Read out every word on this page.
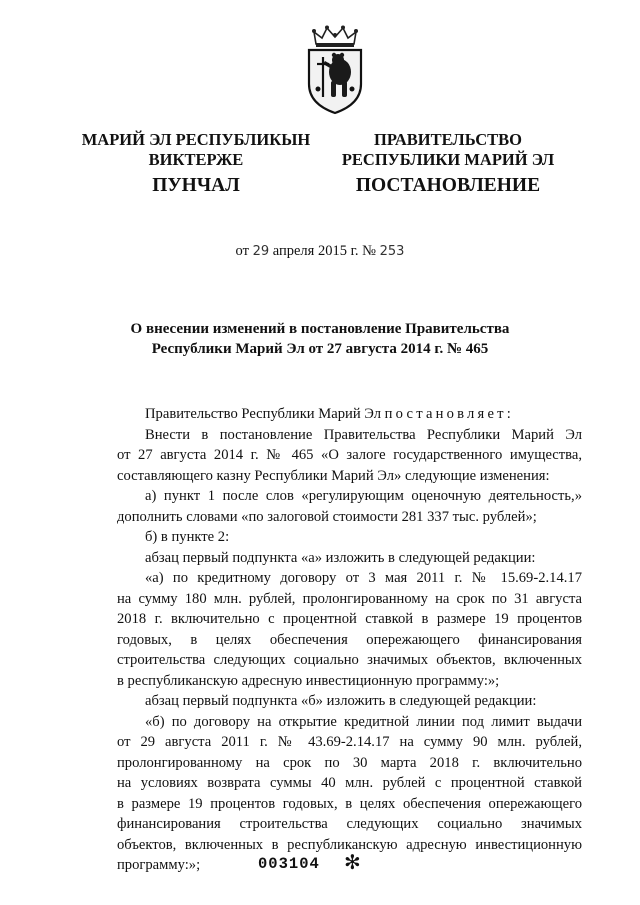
МАРИЙ ЭЛ РЕСПУБЛИКЫН
ВИКТЕРЖЕ
ПУНЧАЛ
ПРАВИТЕЛЬСТВО
РЕСПУБЛИКИ МАРИЙ ЭЛ
ПОСТАНОВЛЕНИЕ
от 29 апреля 2015 г. № 253
О внесении изменений в постановление Правительства
Республики Марий Эл от 27 августа 2014 г. № 465
Правительство Республики Марий Эл постановляет:
Внести в постановление Правительства Республики Марий Эл
от 27 августа 2014 г. № 465 «О залоге государственного имущества,
составляющего казну Республики Марий Эл» следующие изменения:
а) пункт 1 после слов «регулирующим оценочную деятельность,»
дополнить словами «по залоговой стоимости 281 337 тыс. рублей»;
б) в пункте 2:
абзац первый подпункта «а» изложить в следующей редакции:
«а) по кредитному договору от 3 мая 2011 г. № 15.69-2.14.17
на сумму 180 млн. рублей, пролонгированному на срок по 31 августа
2018 г. включительно с процентной ставкой в размере 19 процентов
годовых, в целях обеспечения опережающего финансирования
строительства следующих социально значимых объектов, включенных
в республиканскую адресную инвестиционную программу:»;
абзац первый подпункта «б» изложить в следующей редакции:
«б) по договору на открытие кредитной линии под лимит выдачи
от 29 августа 2011 г. № 43.69-2.14.17 на сумму 90 млн. рублей,
пролонгированному на срок по 30 марта 2018 г. включительно
на условиях возврата суммы 40 млн. рублей с процентной ставкой
в размере 19 процентов годовых, в целях обеспечения опережающего
финансирования строительства следующих социально значимых
объектов, включенных в республиканскую адресную инвестиционную
программу:»;	003104 ✻
